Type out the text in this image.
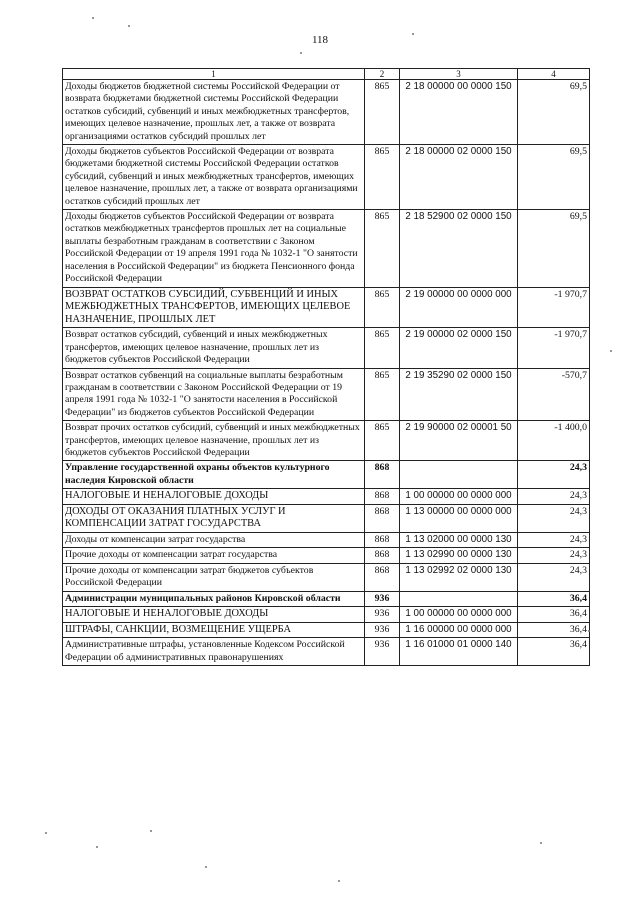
118
1	2	3	4
Доходы бюджетов бюджетной системы Российской Федерации от возврата бюджетами бюджетной системы Российской Федерации остатков субсидий, субвенций и иных межбюджетных трансфертов, имеющих целевое назначение, прошлых лет, а также от возврата организациями остатков субсидий прошлых лет	865	2 18 00000 00 0000 150	69,5
Доходы бюджетов субъектов Российской Федерации от возврата бюджетами бюджетной системы Российской Федерации остатков субсидий, субвенций и иных межбюджетных трансфертов, имеющих целевое назначение, прошлых лет, а также от возврата организациями остатков субсидий прошлых лет	865	2 18 00000 02 0000 150	69,5
Доходы бюджетов субъектов Российской Федерации от возврата остатков межбюджетных трансфертов прошлых лет на социальные выплаты безработным гражданам в соответствии с Законом Российской Федерации от 19 апреля 1991 года № 1032-1 "О занятости населения в Российской Федерации" из бюджета Пенсионного фонда Российской Федерации	865	2 18 52900 02 0000 150	69,5
ВОЗВРАТ ОСТАТКОВ СУБСИДИЙ, СУБВЕНЦИЙ И ИНЫХ МЕЖБЮДЖЕТНЫХ ТРАНСФЕРТОВ, ИМЕЮЩИХ ЦЕЛЕВОЕ НАЗНАЧЕНИЕ, ПРОШЛЫХ ЛЕТ	865	2 19 00000 00 0000 000	-1 970,7
Возврат остатков субсидий, субвенций и иных межбюджетных трансфертов, имеющих целевое назначение, прошлых лет из бюджетов субъектов Российской Федерации	865	2 19 00000 02 0000 150	-1 970,7
Возврат остатков субвенций на социальные выплаты безработным гражданам в соответствии с Законом Российской Федерации от 19 апреля 1991 года № 1032-1 "О занятости населения в Российской Федерации" из бюджетов субъектов Российской Федерации	865	2 19 35290 02 0000 150	-570,7
Возврат прочих остатков субсидий, субвенций и иных межбюджетных трансфертов, имеющих целевое назначение, прошлых лет из бюджетов субъектов Российской Федерации	865	2 19 90000 02 00001 50	-1 400,0
Управление государственной охраны объектов культурного наследия Кировской области	868		24,3
НАЛОГОВЫЕ И НЕНАЛОГОВЫЕ ДОХОДЫ	868	1 00 00000 00 0000 000	24,3
ДОХОДЫ ОТ ОКАЗАНИЯ ПЛАТНЫХ УСЛУГ И КОМПЕНСАЦИИ ЗАТРАТ ГОСУДАРСТВА	868	1 13 00000 00 0000 000	24,3
Доходы от компенсации затрат государства	868	1 13 02000 00 0000 130	24,3
Прочие доходы от компенсации затрат государства	868	1 13 02990 00 0000 130	24,3
Прочие доходы от компенсации затрат бюджетов субъектов Российской Федерации	868	1 13 02992 02 0000 130	24,3
Администрации муниципальных районов Кировской области	936		36,4
НАЛОГОВЫЕ И НЕНАЛОГОВЫЕ ДОХОДЫ	936	1 00 00000 00 0000 000	36,4
ШТРАФЫ, САНКЦИИ, ВОЗМЕЩЕНИЕ УЩЕРБА	936	1 16 00000 00 0000 000	36,4
Административные штрафы, установленные Кодексом Российской Федерации об административных правонарушениях	936	1 16 01000 01 0000 140	36,4
